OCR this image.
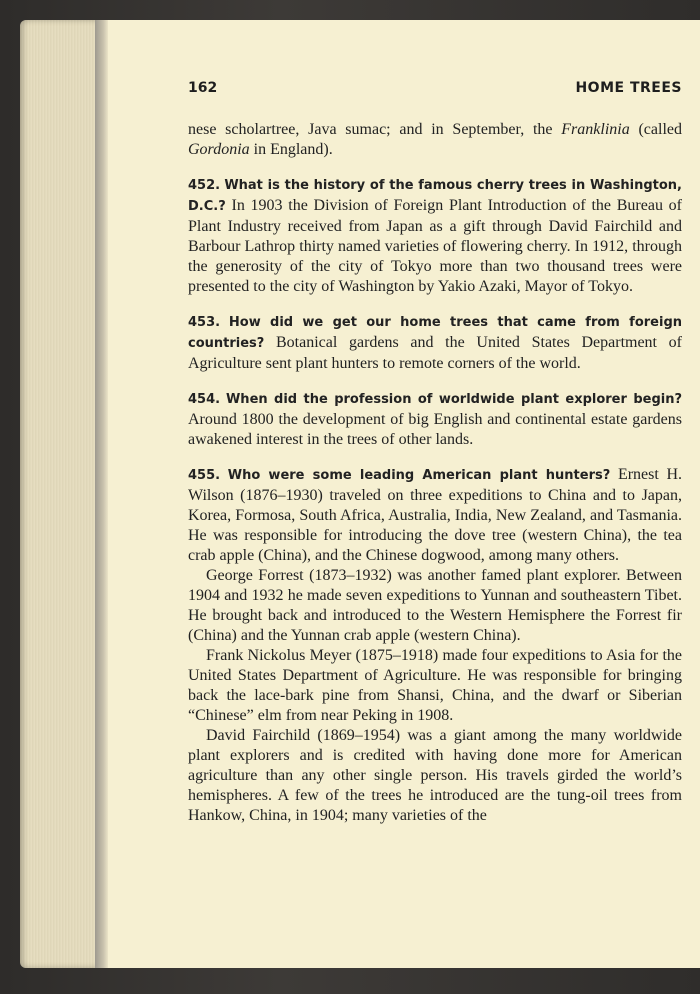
162	HOME TREES

nese scholartree, Java sumac; and in September, the Franklinia (called Gordonia in England).

452. What is the history of the famous cherry trees in Washington, D.C.? In 1903 the Division of Foreign Plant Introduction of the Bureau of Plant Industry received from Japan as a gift through David Fairchild and Barbour Lathrop thirty named varieties of flowering cherry. In 1912, through the generosity of the city of Tokyo more than two thousand trees were presented to the city of Washington by Yakio Azaki, Mayor of Tokyo.

453. How did we get our home trees that came from foreign countries? Botanical gardens and the United States Department of Agriculture sent plant hunters to remote corners of the world.

454. When did the profession of worldwide plant explorer begin? Around 1800 the development of big English and continental estate gardens awakened interest in the trees of other lands.

455. Who were some leading American plant hunters? Ernest H. Wilson (1876–1930) traveled on three expeditions to China and to Japan, Korea, Formosa, South Africa, Australia, India, New Zealand, and Tasmania. He was responsible for introducing the dove tree (western China), the tea crab apple (China), and the Chinese dogwood, among many others.

George Forrest (1873–1932) was another famed plant explorer. Between 1904 and 1932 he made seven expeditions to Yunnan and southeastern Tibet. He brought back and introduced to the Western Hemisphere the Forrest fir (China) and the Yunnan crab apple (western China).

Frank Nickolus Meyer (1875–1918) made four expeditions to Asia for the United States Department of Agriculture. He was responsible for bringing back the lace-bark pine from Shansi, China, and the dwarf or Siberian “Chinese” elm from near Peking in 1908.

David Fairchild (1869–1954) was a giant among the many worldwide plant explorers and is credited with having done more for American agriculture than any other single person. His travels girded the world’s hemispheres. A few of the trees he introduced are the tung-oil trees from Hankow, China, in 1904; many varieties of the
